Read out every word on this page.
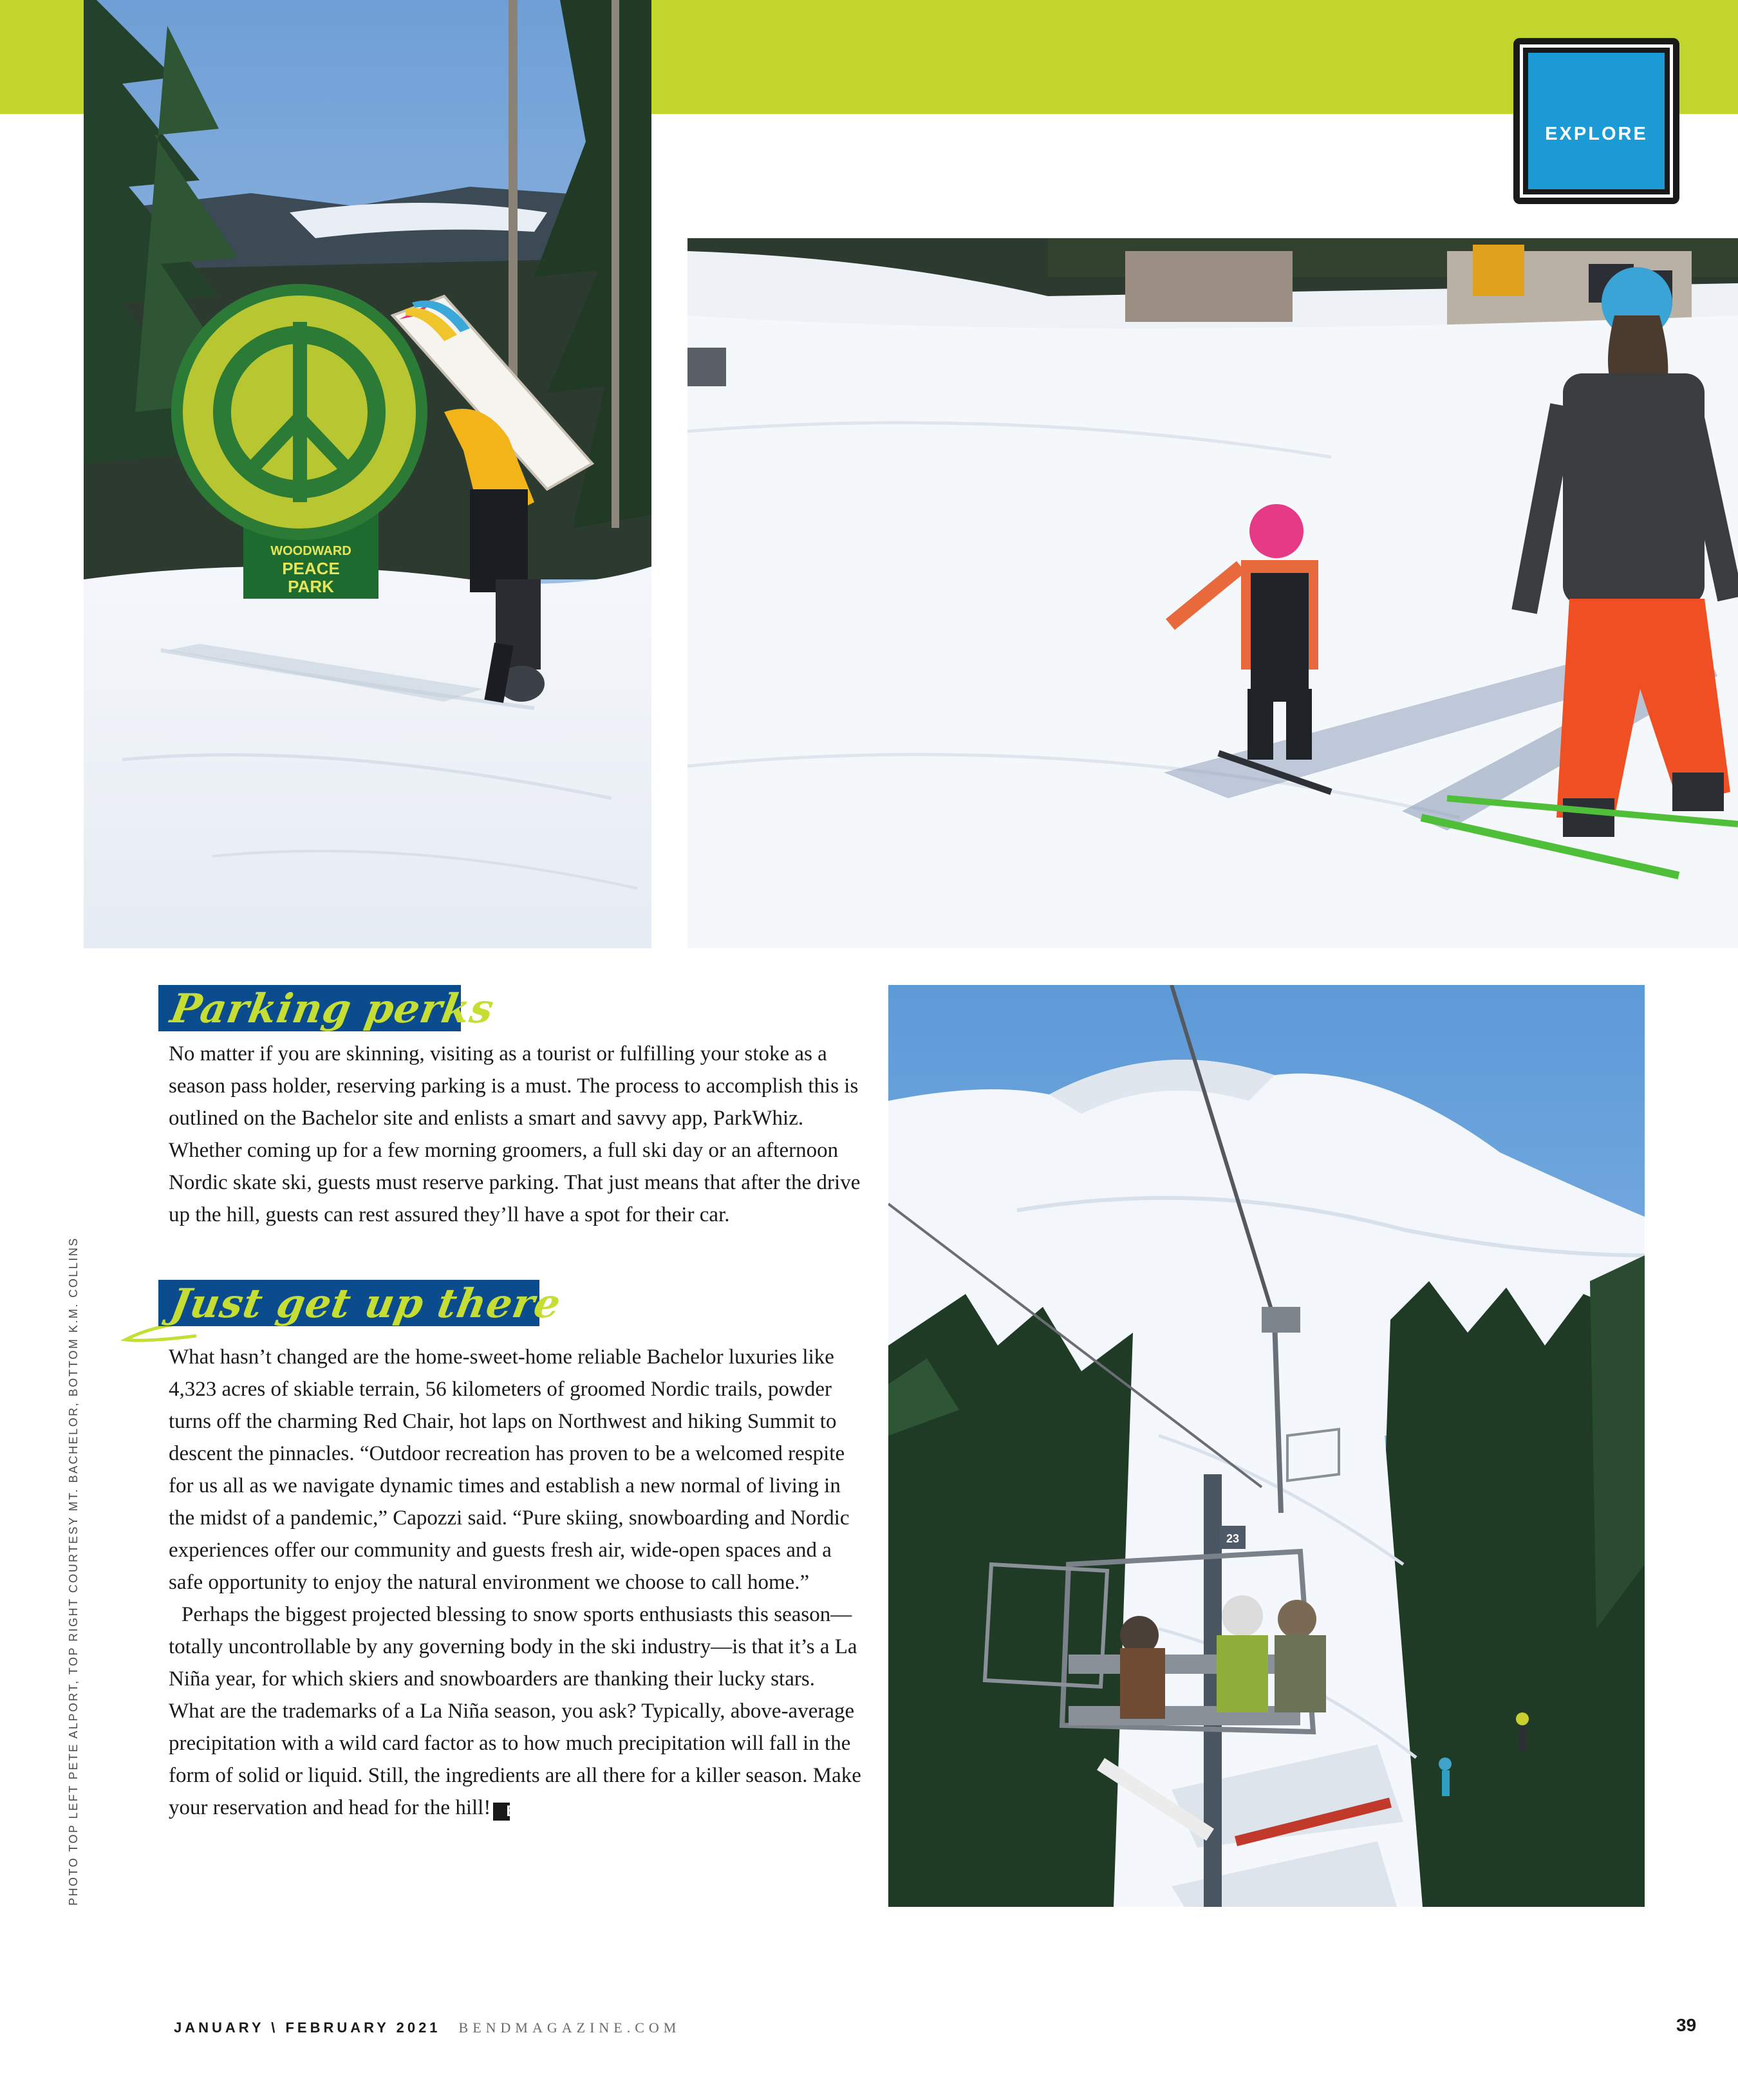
EXPLORE
WOODWARD
PEACE
PARK
23
Parking perks

No matter if you are skinning, visiting as a tourist or fulfilling your stoke as a season pass holder, reserving parking is a must. The process to accomplish this is outlined on the Bachelor site and enlists a smart and savvy app, ParkWhiz. Whether coming up for a few morning groomers, a full ski day or an afternoon Nordic skate ski, guests must reserve parking. That just means that after the drive up the hill, guests can rest assured they’ll have a spot for their car.

Just get up there

What hasn’t changed are the home-sweet-home reliable Bachelor luxuries like 4,323 acres of skiable terrain, 56 kilometers of groomed Nordic trails, powder turns off the charming Red Chair, hot laps on Northwest and hiking Summit to descent the pinnacles. “Outdoor recreation has proven to be a welcomed respite for us all as we navigate dynamic times and establish a new normal of living in the midst of a pandemic,” Capozzi said. “Pure skiing, snowboarding and Nordic experiences offer our community and guests fresh air, wide-open spaces and a safe opportunity to enjoy the natural environment we choose to call home.”

Perhaps the biggest projected blessing to snow sports enthusiasts this season—totally uncontrollable by any governing body in the ski industry—is that it’s a La Niña year, for which skiers and snowboarders are thanking their lucky stars. What are the trademarks of a La Niña season, you ask? Typically, above-average precipitation with a wild card factor as to how much precipitation will fall in the form of solid or liquid. Still, the ingredients are all there for a killer season. Make your reservation and head for the hill! B

PHOTO TOP LEFT PETE ALPORT, TOP RIGHT COURTESY MT. BACHELOR, BOTTOM K.M. COLLINS
JANUARY \ FEBRUARY 2021 BENDMAGAZINE.COM	39
